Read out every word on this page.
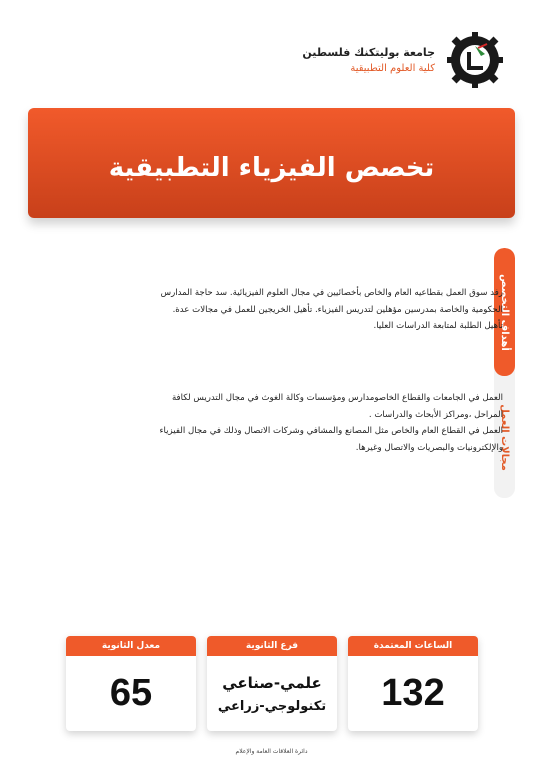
جامعة بوليتكنك فلسطين
كلية العلوم التطبيقية
تخصص الفيزياء التطبيقية
أهداف التخصص
مجالات العمل
رفد سوق العمل بقطاعيه العام والخاص بأخصائيين في مجال العلوم الفيزيائية. سد حاجة المدارس
الحكومية والخاصة بمدرسين مؤهلين لتدريس الفيزياء. تأهيل الخريجين للعمل في مجالات عدة.
تأهيل الطلبة لمتابعة الدراسات العليا.
العمل في الجامعات والقطاع الخاصومدارس ومؤسسات وكالة الغوث في مجال التدريس لكافة
المراحل ،ومراكز الأبحاث والدراسات .
العمل في القطاع العام والخاص مثل المصانع والمشافي وشركات الاتصال وذلك في مجال الفيزياء
والإلكترونيات والبصريات والاتصال وغيرها.
الساعات المعتمدة
132
فرع الثانوية
علمي-صناعي
تكنولوجي-زراعي
معدل الثانوية
65
دائرة العلاقات العامة والإعلام
